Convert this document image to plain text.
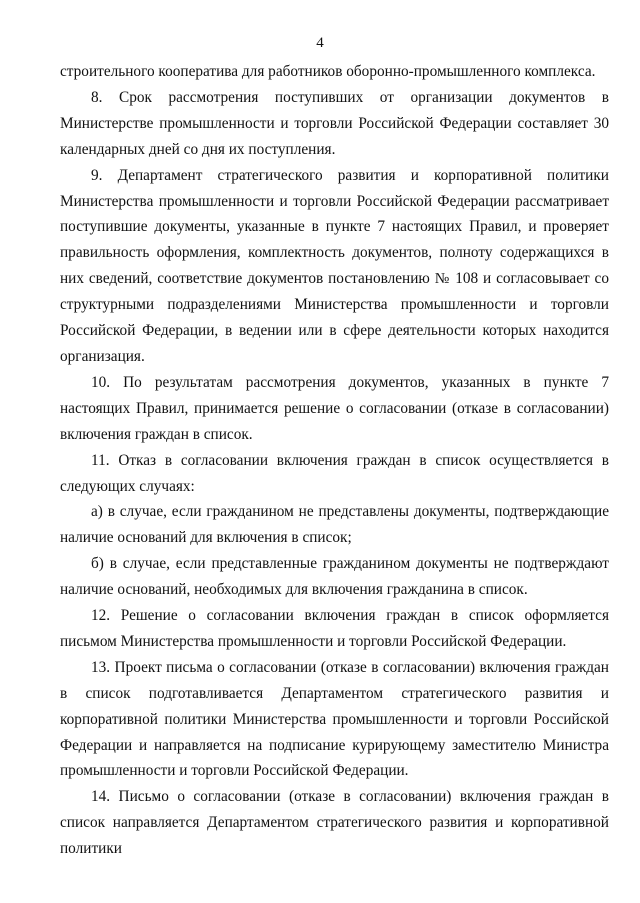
4

строительного кооператива для работников оборонно-промышленного комплекса.

8. Срок рассмотрения поступивших от организации документов в Министерстве промышленности и торговли Российской Федерации составляет 30 календарных дней со дня их поступления.

9. Департамент стратегического развития и корпоративной политики Министерства промышленности и торговли Российской Федерации рассматривает поступившие документы, указанные в пункте 7 настоящих Правил, и проверяет правильность оформления, комплектность документов, полноту содержащихся в них сведений, соответствие документов постановлению № 108 и согласовывает со структурными подразделениями Министерства промышленности и торговли Российской Федерации, в ведении или в сфере деятельности которых находится организация.

10. По результатам рассмотрения документов, указанных в пункте 7 настоящих Правил, принимается решение о согласовании (отказе в согласовании) включения граждан в список.

11. Отказ в согласовании включения граждан в список осуществляется в следующих случаях:

а) в случае, если гражданином не представлены документы, подтверждающие наличие оснований для включения в список;

б) в случае, если представленные гражданином документы не подтверждают наличие оснований, необходимых для включения гражданина в список.

12. Решение о согласовании включения граждан в список оформляется письмом Министерства промышленности и торговли Российской Федерации.

13. Проект письма о согласовании (отказе в согласовании) включения граждан в список подготавливается Департаментом стратегического развития и корпоративной политики Министерства промышленности и торговли Российской Федерации и направляется на подписание курирующему заместителю Министра промышленности и торговли Российской Федерации.

14. Письмо о согласовании (отказе в согласовании) включения граждан в список направляется Департаментом стратегического развития и корпоративной политики
